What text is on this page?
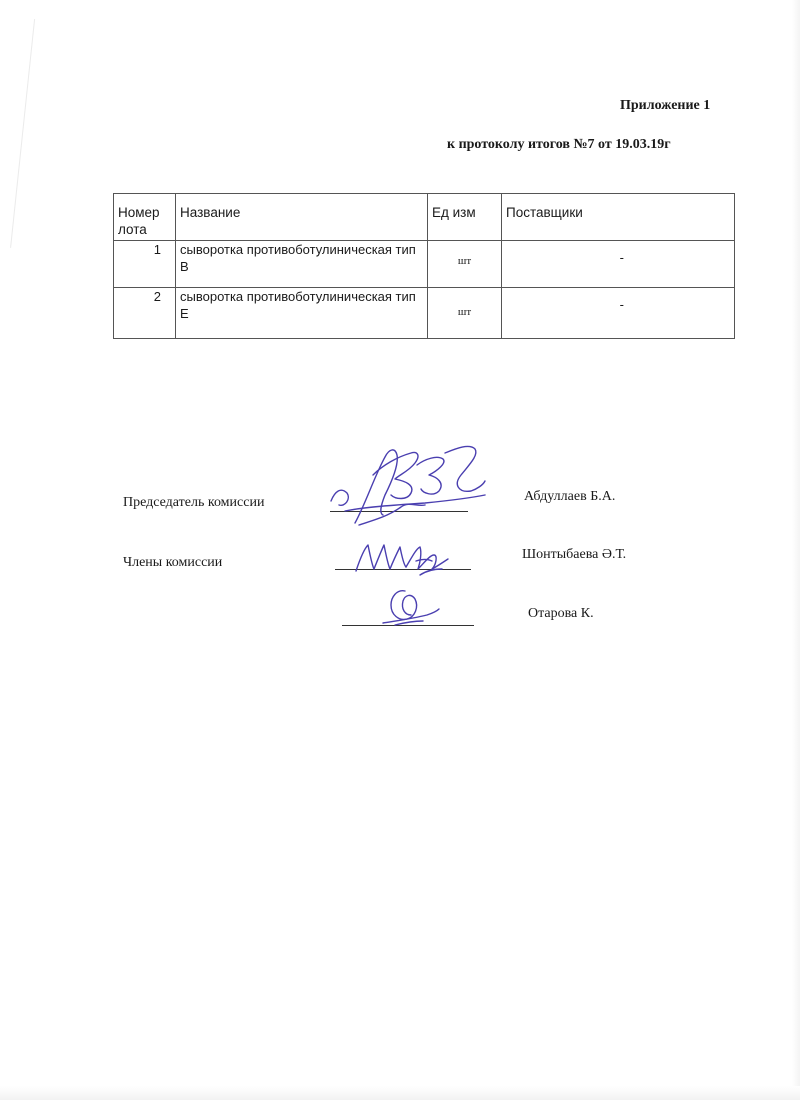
Приложение 1
к протоколу итогов №7 от 19.03.19г
Номер лота	Название	Ед изм	Поставщики
1	сыворотка противоботулиническая тип В	шт	-
2	сыворотка противоботулиническая тип Е	шт	-
Председатель комиссии	Абдуллаев Б.А.
Члены комиссии
Шонтыбаева Ә.Т.
Отарова К.
